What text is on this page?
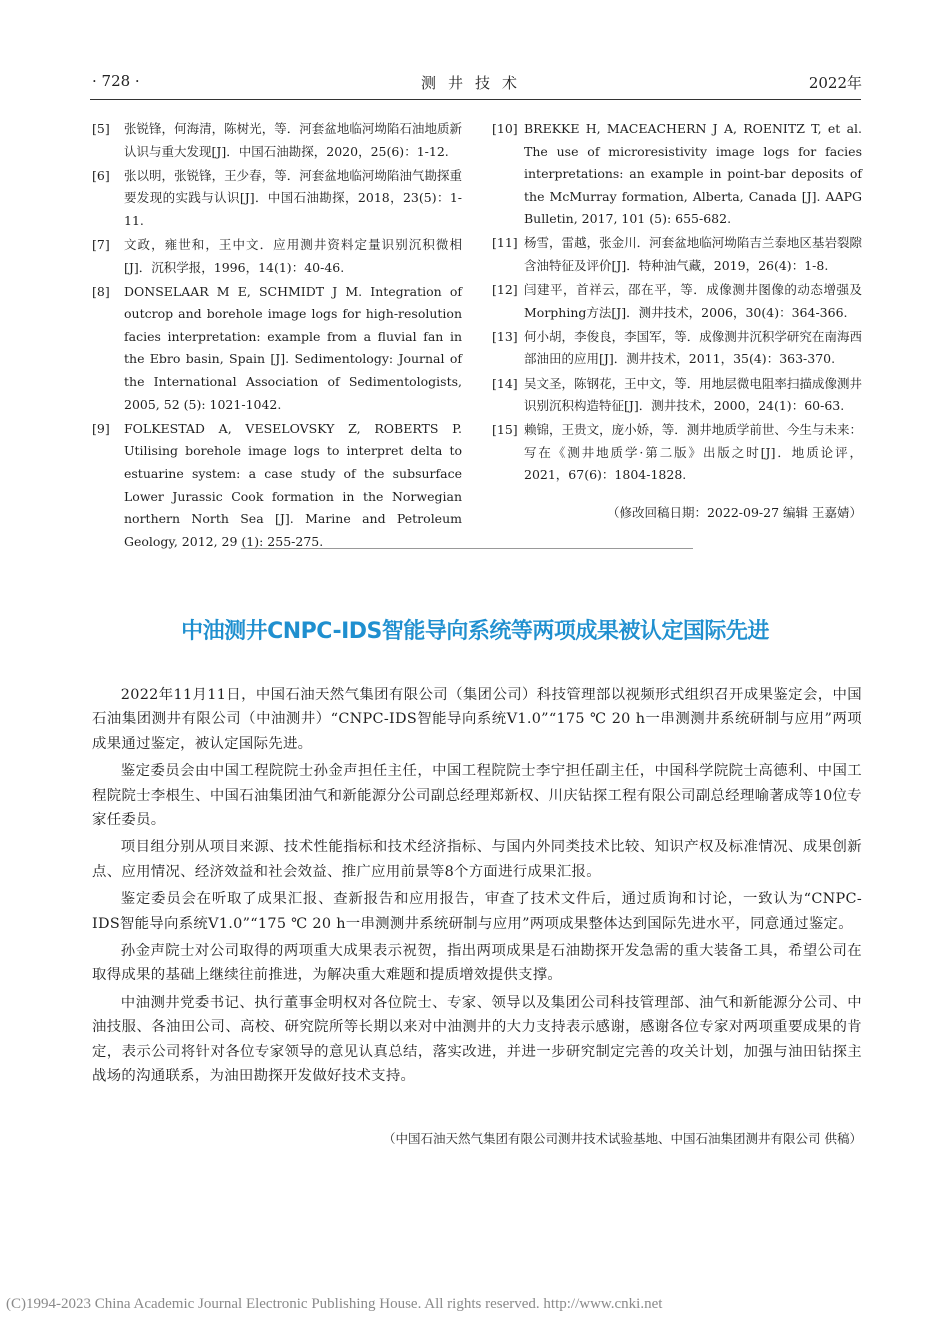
· 728 ·	测井技术	2022年
[5]	张锐锋，何海清，陈树光，等．河套盆地临河坳陷石油地质新认识与重大发现[J]．中国石油勘探，2020，25(6)：1-12.
[6]	张以明，张锐锋，王少春，等．河套盆地临河坳陷油气勘探重要发现的实践与认识[J]．中国石油勘探，2018，23(5)：1-11.
[7]	文政，雍世和，王中文．应用测井资料定量识别沉积微相[J]．沉积学报，1996，14(1)：40-46.
[8]	DONSELAAR M E, SCHMIDT J M. Integration of outcrop and borehole image logs for high-resolution facies interpretation: example from a fluvial fan in the Ebro basin, Spain [J]. Sedimentology: Journal of the International Association of Sedimentologists, 2005, 52 (5): 1021-1042.
[9]	FOLKESTAD A, VESELOVSKY Z, ROBERTS P. Utilising borehole image logs to interpret delta to estuarine system: a case study of the subsurface Lower Jurassic Cook formation in the Norwegian northern North Sea [J]. Marine and Petroleum Geology, 2012, 29 (1): 255-275.
[10] BREKKE H, MACEACHERN J A, ROENITZ T, et al. The use of microresistivity image logs for facies interpretations: an example in point-bar deposits of the McMurray formation, Alberta, Canada [J]. AAPG Bulletin, 2017, 101 (5): 655-682.
[11] 杨雪，雷越，张金川．河套盆地临河坳陷吉兰泰地区基岩裂隙含油特征及评价[J]．特种油气藏，2019，26(4)：1-8.
[12] 闫建平，首祥云，邵在平，等．成像测井图像的动态增强及Morphing方法[J]．测井技术，2006，30(4)：364-366.
[13] 何小胡，李俊良，李国军，等．成像测井沉积学研究在南海西部油田的应用[J]．测井技术，2011，35(4)：363-370.
[14] 吴文圣，陈钢花，王中文，等．用地层微电阻率扫描成像测井识别沉积构造特征[J]．测井技术，2000，24(1)：60-63.
[15] 赖锦，王贵文，庞小娇，等．测井地质学前世、今生与未来：写在《测井地质学·第二版》出版之时[J]．地质论评，2021，67(6)：1804-1828.
（修改回稿日期：2022-09-27 编辑 王嘉婧）
中油测井CNPC-IDS智能导向系统等两项成果被认定国际先进

2022年11月11日，中国石油天然气集团有限公司（集团公司）科技管理部以视频形式组织召开成果鉴定会，中国石油集团测井有限公司（中油测井）“CNPC-IDS智能导向系统V1.0”“175 ℃ 20 h一串测测井系统研制与应用”两项成果通过鉴定，被认定国际先进。

鉴定委员会由中国工程院院士孙金声担任主任，中国工程院院士李宁担任副主任，中国科学院院士高德利、中国工程院院士李根生、中国石油集团油气和新能源分公司副总经理郑新权、川庆钻探工程有限公司副总经理喻著成等10位专家任委员。

项目组分别从项目来源、技术性能指标和技术经济指标、与国内外同类技术比较、知识产权及标准情况、成果创新点、应用情况、经济效益和社会效益、推广应用前景等8个方面进行成果汇报。

鉴定委员会在听取了成果汇报、查新报告和应用报告，审查了技术文件后，通过质询和讨论，一致认为“CNPC-IDS智能导向系统V1.0”“175 ℃ 20 h一串测测井系统研制与应用”两项成果整体达到国际先进水平，同意通过鉴定。

孙金声院士对公司取得的两项重大成果表示祝贺，指出两项成果是石油勘探开发急需的重大装备工具，希望公司在取得成果的基础上继续往前推进，为解决重大难题和提质增效提供支撑。

中油测井党委书记、执行董事金明权对各位院士、专家、领导以及集团公司科技管理部、油气和新能源分公司、中油技服、各油田公司、高校、研究院所等长期以来对中油测井的大力支持表示感谢，感谢各位专家对两项重要成果的肯定，表示公司将针对各位专家领导的意见认真总结，落实改进，并进一步研究制定完善的攻关计划，加强与油田钻探主战场的沟通联系，为油田勘探开发做好技术支持。

（中国石油天然气集团有限公司测井技术试验基地、中国石油集团测井有限公司 供稿）
(C)1994-2023 China Academic Journal Electronic Publishing House. All rights reserved. http://www.cnki.net
